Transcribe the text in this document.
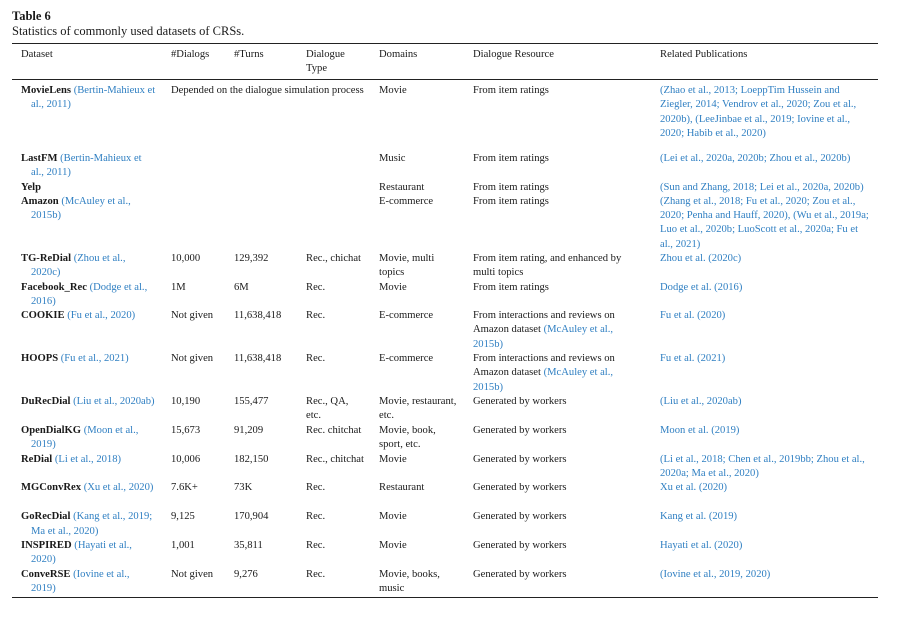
Table 6
Statistics of commonly used datasets of CRSs.
Dataset	#Dialogs	#Turns	Dialogue Type	Domains	Dialogue Resource	Related Publications

MovieLens (Bertin-Mahieux et al., 2011)	Depended on the dialogue simulation process			Movie	From item ratings	(Zhao et al., 2013; LoeppTim Hussein and Ziegler, 2014; Vendrov et al., 2020; Zou et al., 2020b), (LeeJinbae et al., 2019; Iovine et al., 2020; Habib et al., 2020)

LastFM (Bertin-Mahieux et al., 2011)				Music	From item ratings	(Lei et al., 2020a, 2020b; Zhou et al., 2020b)

Yelp				Restaurant	From item ratings	(Sun and Zhang, 2018; Lei et al., 2020a, 2020b)

Amazon (McAuley et al., 2015b)				E-commerce	From item ratings	(Zhang et al., 2018; Fu et al., 2020; Zou et al., 2020; Penha and Hauff, 2020), (Wu et al., 2019a; Luo et al., 2020b; LuoScott et al., 2020a; Fu et al., 2021)

TG-ReDial (Zhou et al., 2020c)	10,000	129,392	Rec., chichat	Movie, multi topics	From item rating, and enhanced by multi topics	Zhou et al. (2020c)

Facebook_Rec (Dodge et al., 2016)	1M	6M	Rec.	Movie	From item ratings	Dodge et al. (2016)

COOKIE (Fu et al., 2020)	Not given	11,638,418	Rec.	E-commerce	From interactions and reviews on Amazon dataset (McAuley et al., 2015b)	Fu et al. (2020)

HOOPS (Fu et al., 2021)	Not given	11,638,418	Rec.	E-commerce	From interactions and reviews on Amazon dataset (McAuley et al., 2015b)	Fu et al. (2021)

DuRecDial (Liu et al., 2020ab)	10,190	155,477	Rec., QA, etc.	Movie, restaurant, etc.	Generated by workers	(Liu et al., 2020ab)

OpenDialKG (Moon et al., 2019)	15,673	91,209	Rec. chitchat	Movie, book, sport, etc.	Generated by workers	Moon et al. (2019)

ReDial (Li et al., 2018)	10,006	182,150	Rec., chitchat	Movie	Generated by workers	(Li et al., 2018; Chen et al., 2019bb; Zhou et al., 2020a; Ma et al., 2020)

MGConvRex (Xu et al., 2020)	7.6K+	73K	Rec.	Restaurant	Generated by workers	Xu et al. (2020)

GoRecDial (Kang et al., 2019; Ma et al., 2020)	9,125	170,904	Rec.	Movie	Generated by workers	Kang et al. (2019)

INSPIRED (Hayati et al., 2020)	1,001	35,811	Rec.	Movie	Generated by workers	Hayati et al. (2020)

ConveRSE (Iovine et al., 2019)	Not given	9,276	Rec.	Movie, books, music	Generated by workers	(Iovine et al., 2019, 2020)
